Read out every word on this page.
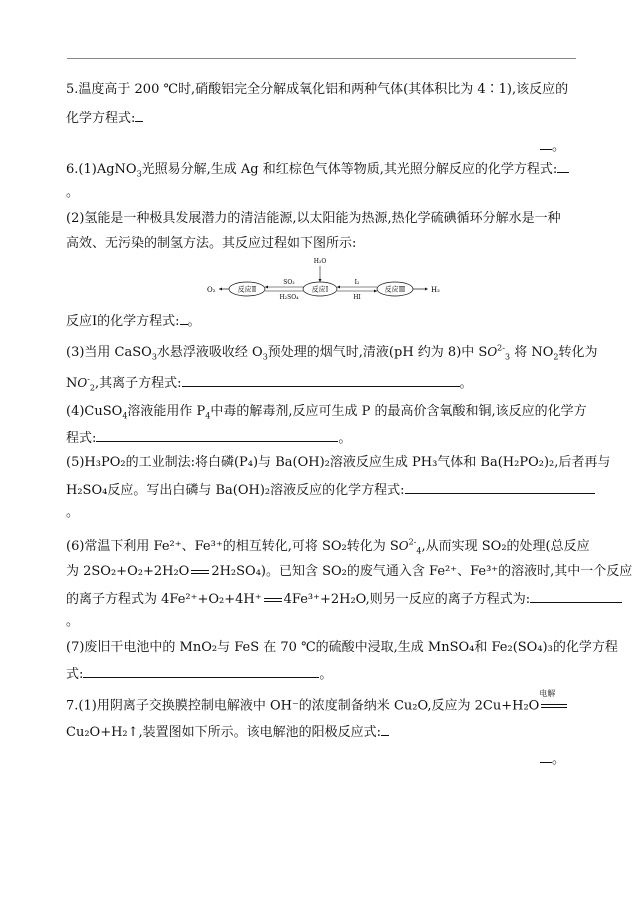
5.温度高于 200 ℃时,硝酸铝完全分解成氧化铝和两种气体(其体积比为 4∶1),该反应的
化学方程式:
。
6.(1)AgNO$_3$光照易分解,生成 Ag 和红棕色气体等物质,其光照分解反应的化学方程式:
。
(2)氢能是一种极具发展潜力的清洁能源,以太阳能为热源,热化学硫碘循环分解水是一种
高效、无污染的制氢方法。其反应过程如下图所示:
O₂	反应Ⅱ
SO₂
H₂SO₄
H₂O
反应Ⅰ
I₂
HI
反应Ⅲ	H₂
反应Ⅰ的化学方程式: 。
(3)当用 CaSO$_3$水悬浮液吸收经 $O_3$预处理的烟气时,清液(pH 约为 8)中 $SO^{2-}_3$ 将 $NO_2$转化为
$NO^-_2$,其离子方程式:	。
(4)CuSO$_4$溶液能用作 $P_4$中毒的解毒剂,反应可生成 P 的最高价含氧酸和铜,该反应的化学方
程式:	。
(5)H₃PO₂的工业制法:将白磷(P₄)与 Ba(OH)₂溶液反应生成 PH₃气体和 Ba(H₂PO₂)₂,后者再与
H₂SO₄反应。写出白磷与 Ba(OH)₂溶液反应的化学方程式:
。
(6)常温下利用 Fe²⁺、Fe³⁺的相互转化,可将 SO₂转化为 $SO^{2-}_4$,从而实现 SO₂的处理(总反应
为 2SO₂+O₂+2H₂O 2H₂SO₄)。已知含 SO₂的废气通入含 Fe²⁺、Fe³⁺的溶液时,其中一个反应
的离子方程式为 4Fe²⁺+O₂+4H⁺ 4Fe³⁺+2H₂O,则另一反应的离子方程式为:
。
(7)废旧干电池中的 MnO₂与 FeS 在 70 ℃的硫酸中浸取,生成 MnSO₄和 Fe₂(SO₄)₃的化学方程
式:	。
7.(1)用阴离子交换膜控制电解液中 OH⁻的浓度制备纳米 Cu₂O,反应为 2Cu+H₂O
电解
Cu₂O+H₂↑,装置图如下所示。该电解池的阳极反应式:
。
